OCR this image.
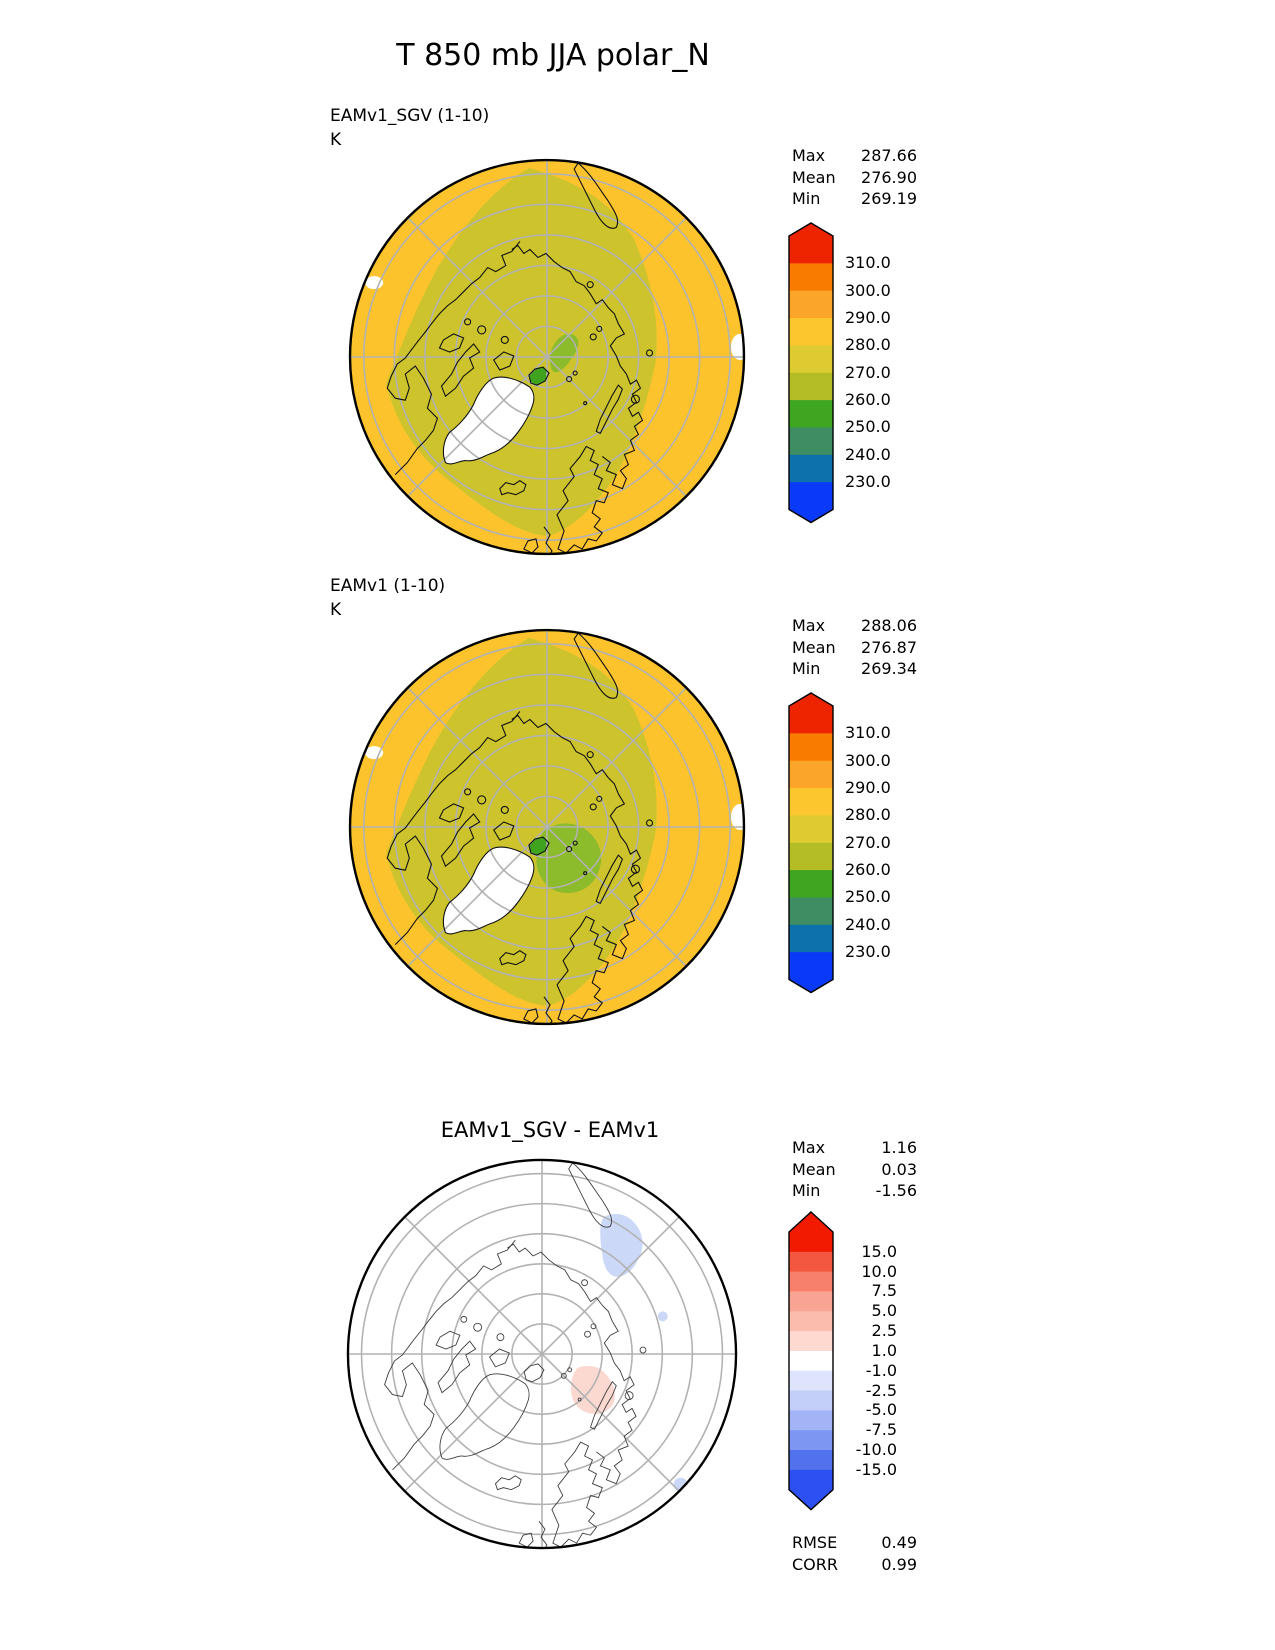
T 850 mb JJA polar_N
EAMv1_SGV (1-10)
K
Max 287.66
Mean 276.90
Min	269.19
EAMv1 (1-10)
K
Max 288.06
Mean 276.87
Min	269.34
EAMv1_SGV - EAMv1
Max	1.16
Mean	0.03
Min	-1.56
RMSE	0.49
CORR	0.99
310.0
300.0
290.0
280.0
270.0
260.0
250.0
240.0
230.0
310.0
300.0
290.0
280.0
270.0
260.0
250.0
240.0
230.0
15.0
10.0
7.5
5.0
2.5
1.0
-1.0
-2.5
-5.0
-7.5
-10.0
-15.0
